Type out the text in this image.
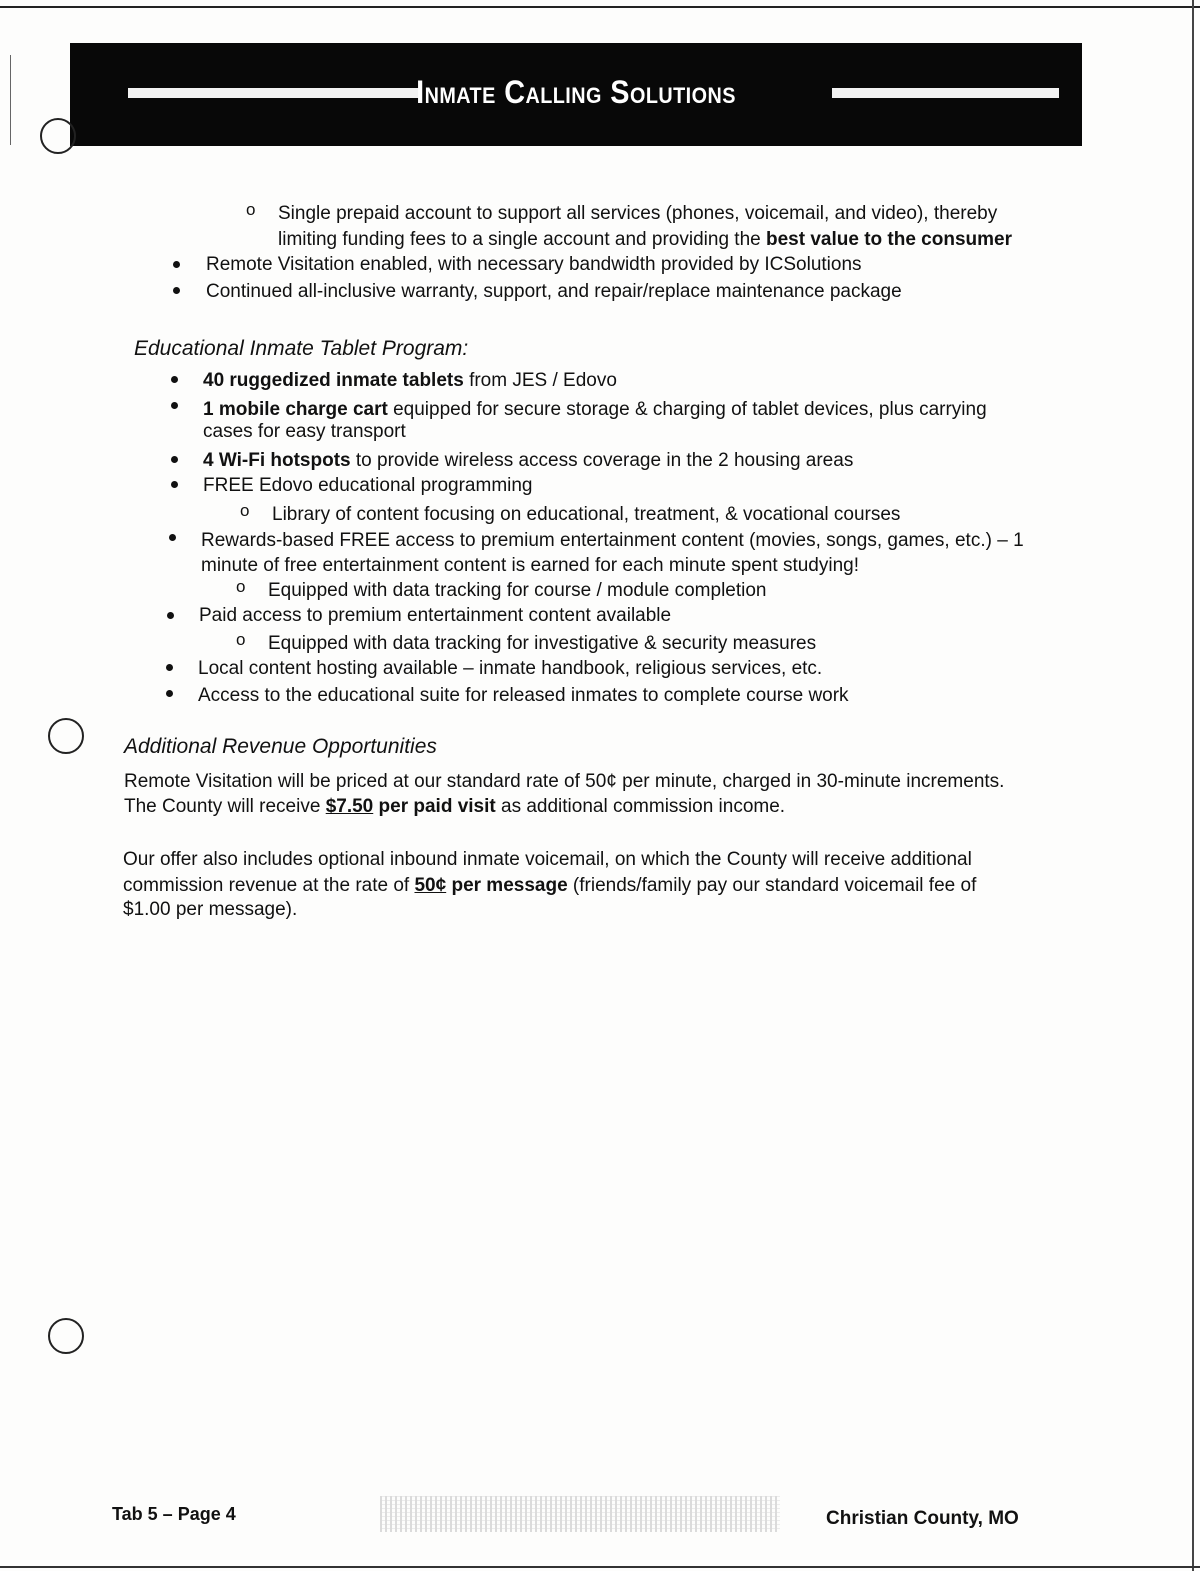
Inmate Calling Solutions
o Single prepaid account to support all services (phones, voicemail, and video), thereby
limiting funding fees to a single account and providing the best value to the consumer
Remote Visitation enabled, with necessary bandwidth provided by ICSolutions
Continued all-inclusive warranty, support, and repair/replace maintenance package
Educational Inmate Tablet Program:
40 ruggedized inmate tablets from JES / Edovo
1 mobile charge cart equipped for secure storage & charging of tablet devices, plus carrying
cases for easy transport
4 Wi-Fi hotspots to provide wireless access coverage in the 2 housing areas
FREE Edovo educational programming
o Library of content focusing on educational, treatment, & vocational courses
Rewards-based FREE access to premium entertainment content (movies, songs, games, etc.) – 1
minute of free entertainment content is earned for each minute spent studying!
o Equipped with data tracking for course / module completion
Paid access to premium entertainment content available
o Equipped with data tracking for investigative & security measures
Local content hosting available – inmate handbook, religious services, etc.
Access to the educational suite for released inmates to complete course work
Additional Revenue Opportunities
Remote Visitation will be priced at our standard rate of 50¢ per minute, charged in 30-minute increments.
The County will receive $7.50 per paid visit as additional commission income.
Our offer also includes optional inbound inmate voicemail, on which the County will receive additional
commission revenue at the rate of 50¢ per message (friends/family pay our standard voicemail fee of
$1.00 per message).
Tab 5 – Page 4	Christian County, MO
